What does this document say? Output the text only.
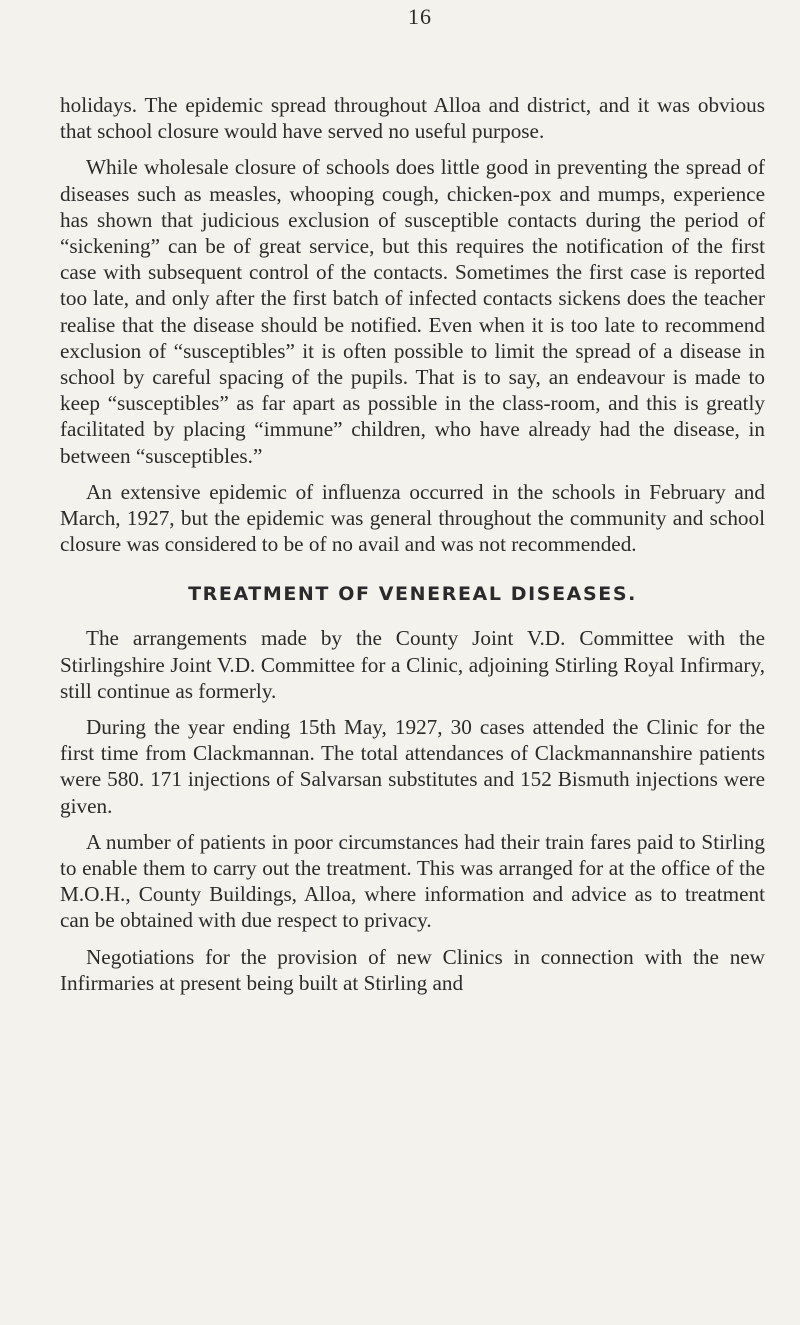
16

holidays. The epidemic spread throughout Alloa and district, and it was obvious that school closure would have served no useful purpose.

While wholesale closure of schools does little good in preventing the spread of diseases such as measles, whooping cough, chicken-pox and mumps, experience has shown that judicious exclusion of susceptible contacts during the period of “sickening” can be of great service, but this requires the notification of the first case with subsequent control of the contacts. Sometimes the first case is reported too late, and only after the first batch of infected contacts sickens does the teacher realise that the disease should be notified. Even when it is too late to recommend exclusion of “susceptibles” it is often possible to limit the spread of a disease in school by careful spacing of the pupils. That is to say, an endeavour is made to keep “susceptibles” as far apart as possible in the class-room, and this is greatly facilitated by placing “immune” children, who have already had the disease, in between “susceptibles.”

An extensive epidemic of influenza occurred in the schools in February and March, 1927, but the epidemic was general throughout the community and school closure was considered to be of no avail and was not recommended.

TREATMENT OF VENEREAL DISEASES.

The arrangements made by the County Joint V.D. Committee with the Stirlingshire Joint V.D. Committee for a Clinic, adjoining Stirling Royal Infirmary, still continue as formerly.

During the year ending 15th May, 1927, 30 cases attended the Clinic for the first time from Clackmannan. The total attendances of Clackmannanshire patients were 580. 171 injections of Salvarsan substitutes and 152 Bismuth injections were given.

A number of patients in poor circumstances had their train fares paid to Stirling to enable them to carry out the treatment. This was arranged for at the office of the M.O.H., County Buildings, Alloa, where information and advice as to treatment can be obtained with due respect to privacy.

Negotiations for the provision of new Clinics in connection with the new Infirmaries at present being built at Stirling and
